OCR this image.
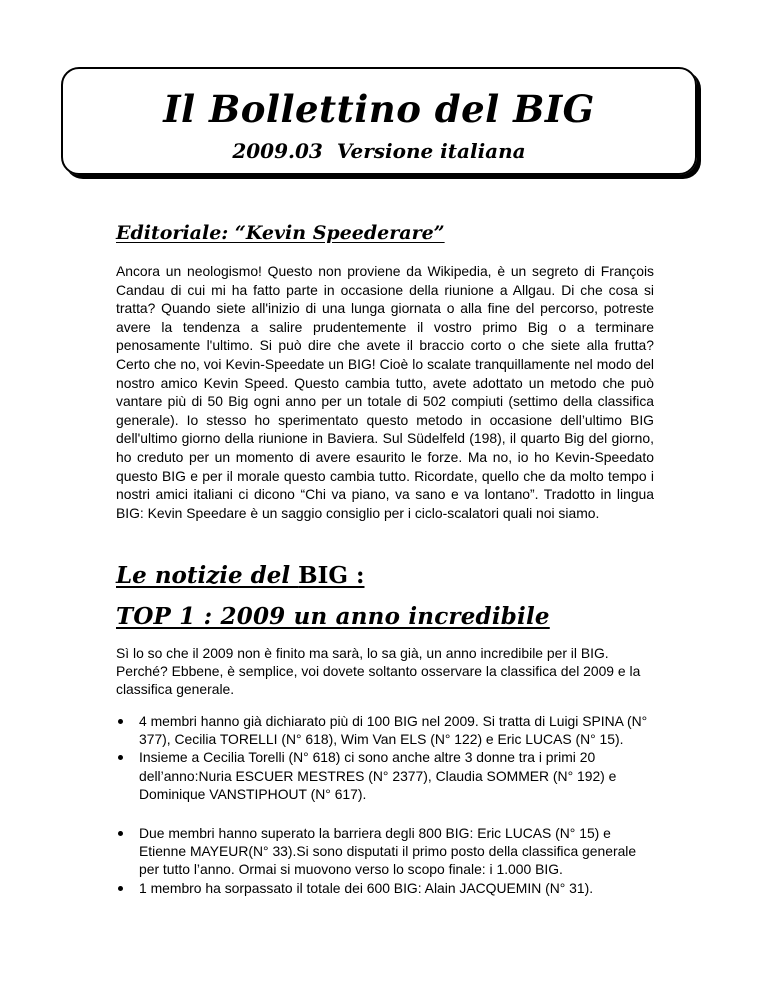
Il Bollettino del BIG
2009.03 Versione italiana
Editoriale: “Kevin Speederare”

Ancora un neologismo! Questo non proviene da Wikipedia, è un segreto di François Candau di cui mi ha fatto parte in occasione della riunione a Allgau. Di che cosa si tratta? Quando siete all'inizio di una lunga giornata o alla fine del percorso, potreste avere la tendenza a salire prudentemente il vostro primo Big o a terminare penosamente l'ultimo. Si può dire che avete il braccio corto o che siete alla frutta? Certo che no, voi Kevin-Speedate un BIG! Cioè lo scalate tranquillamente nel modo del nostro amico Kevin Speed. Questo cambia tutto, avete adottato un metodo che può vantare più di 50 Big ogni anno per un totale di 502 compiuti (settimo della classifica generale). Io stesso ho sperimentato questo metodo in occasione dell’ultimo BIG dell'ultimo giorno della riunione in Baviera. Sul Südelfeld (198), il quarto Big del giorno, ho creduto per un momento di avere esaurito le forze. Ma no, io ho Kevin-Speedato questo BIG e per il morale questo cambia tutto. Ricordate, quello che da molto tempo i nostri amici italiani ci dicono “Chi va piano, va sano e va lontano”. Tradotto in lingua BIG: Kevin Speedare è un saggio consiglio per i ciclo-scalatori quali noi siamo.

Le notizie del BIG :
TOP 1 : 2009 un anno incredibile

Sì lo so che il 2009 non è finito ma sarà, lo sa già, un anno incredibile per il BIG. Perché? Ebbene, è semplice, voi dovete soltanto osservare la classifica del 2009 e la classifica generale.

4 membri hanno già dichiarato più di 100 BIG nel 2009. Si tratta di Luigi SPINA (N° 377), Cecilia TORELLI (N° 618), Wim Van ELS (N° 122) e Eric LUCAS (N° 15).
Insieme a Cecilia Torelli (N° 618) ci sono anche altre 3 donne tra i primi 20 dell’anno:Nuria ESCUER MESTRES (N° 2377), Claudia SOMMER (N° 192) e Dominique VANSTIPHOUT (N° 617).
Due membri hanno superato la barriera degli 800 BIG: Eric LUCAS (N° 15) e Etienne MAYEUR(N° 33).Si sono disputati il primo posto della classifica generale per tutto l’anno. Ormai si muovono verso lo scopo finale: i 1.000 BIG.
1 membro ha sorpassato il totale dei 600 BIG: Alain JACQUEMIN (N° 31).
